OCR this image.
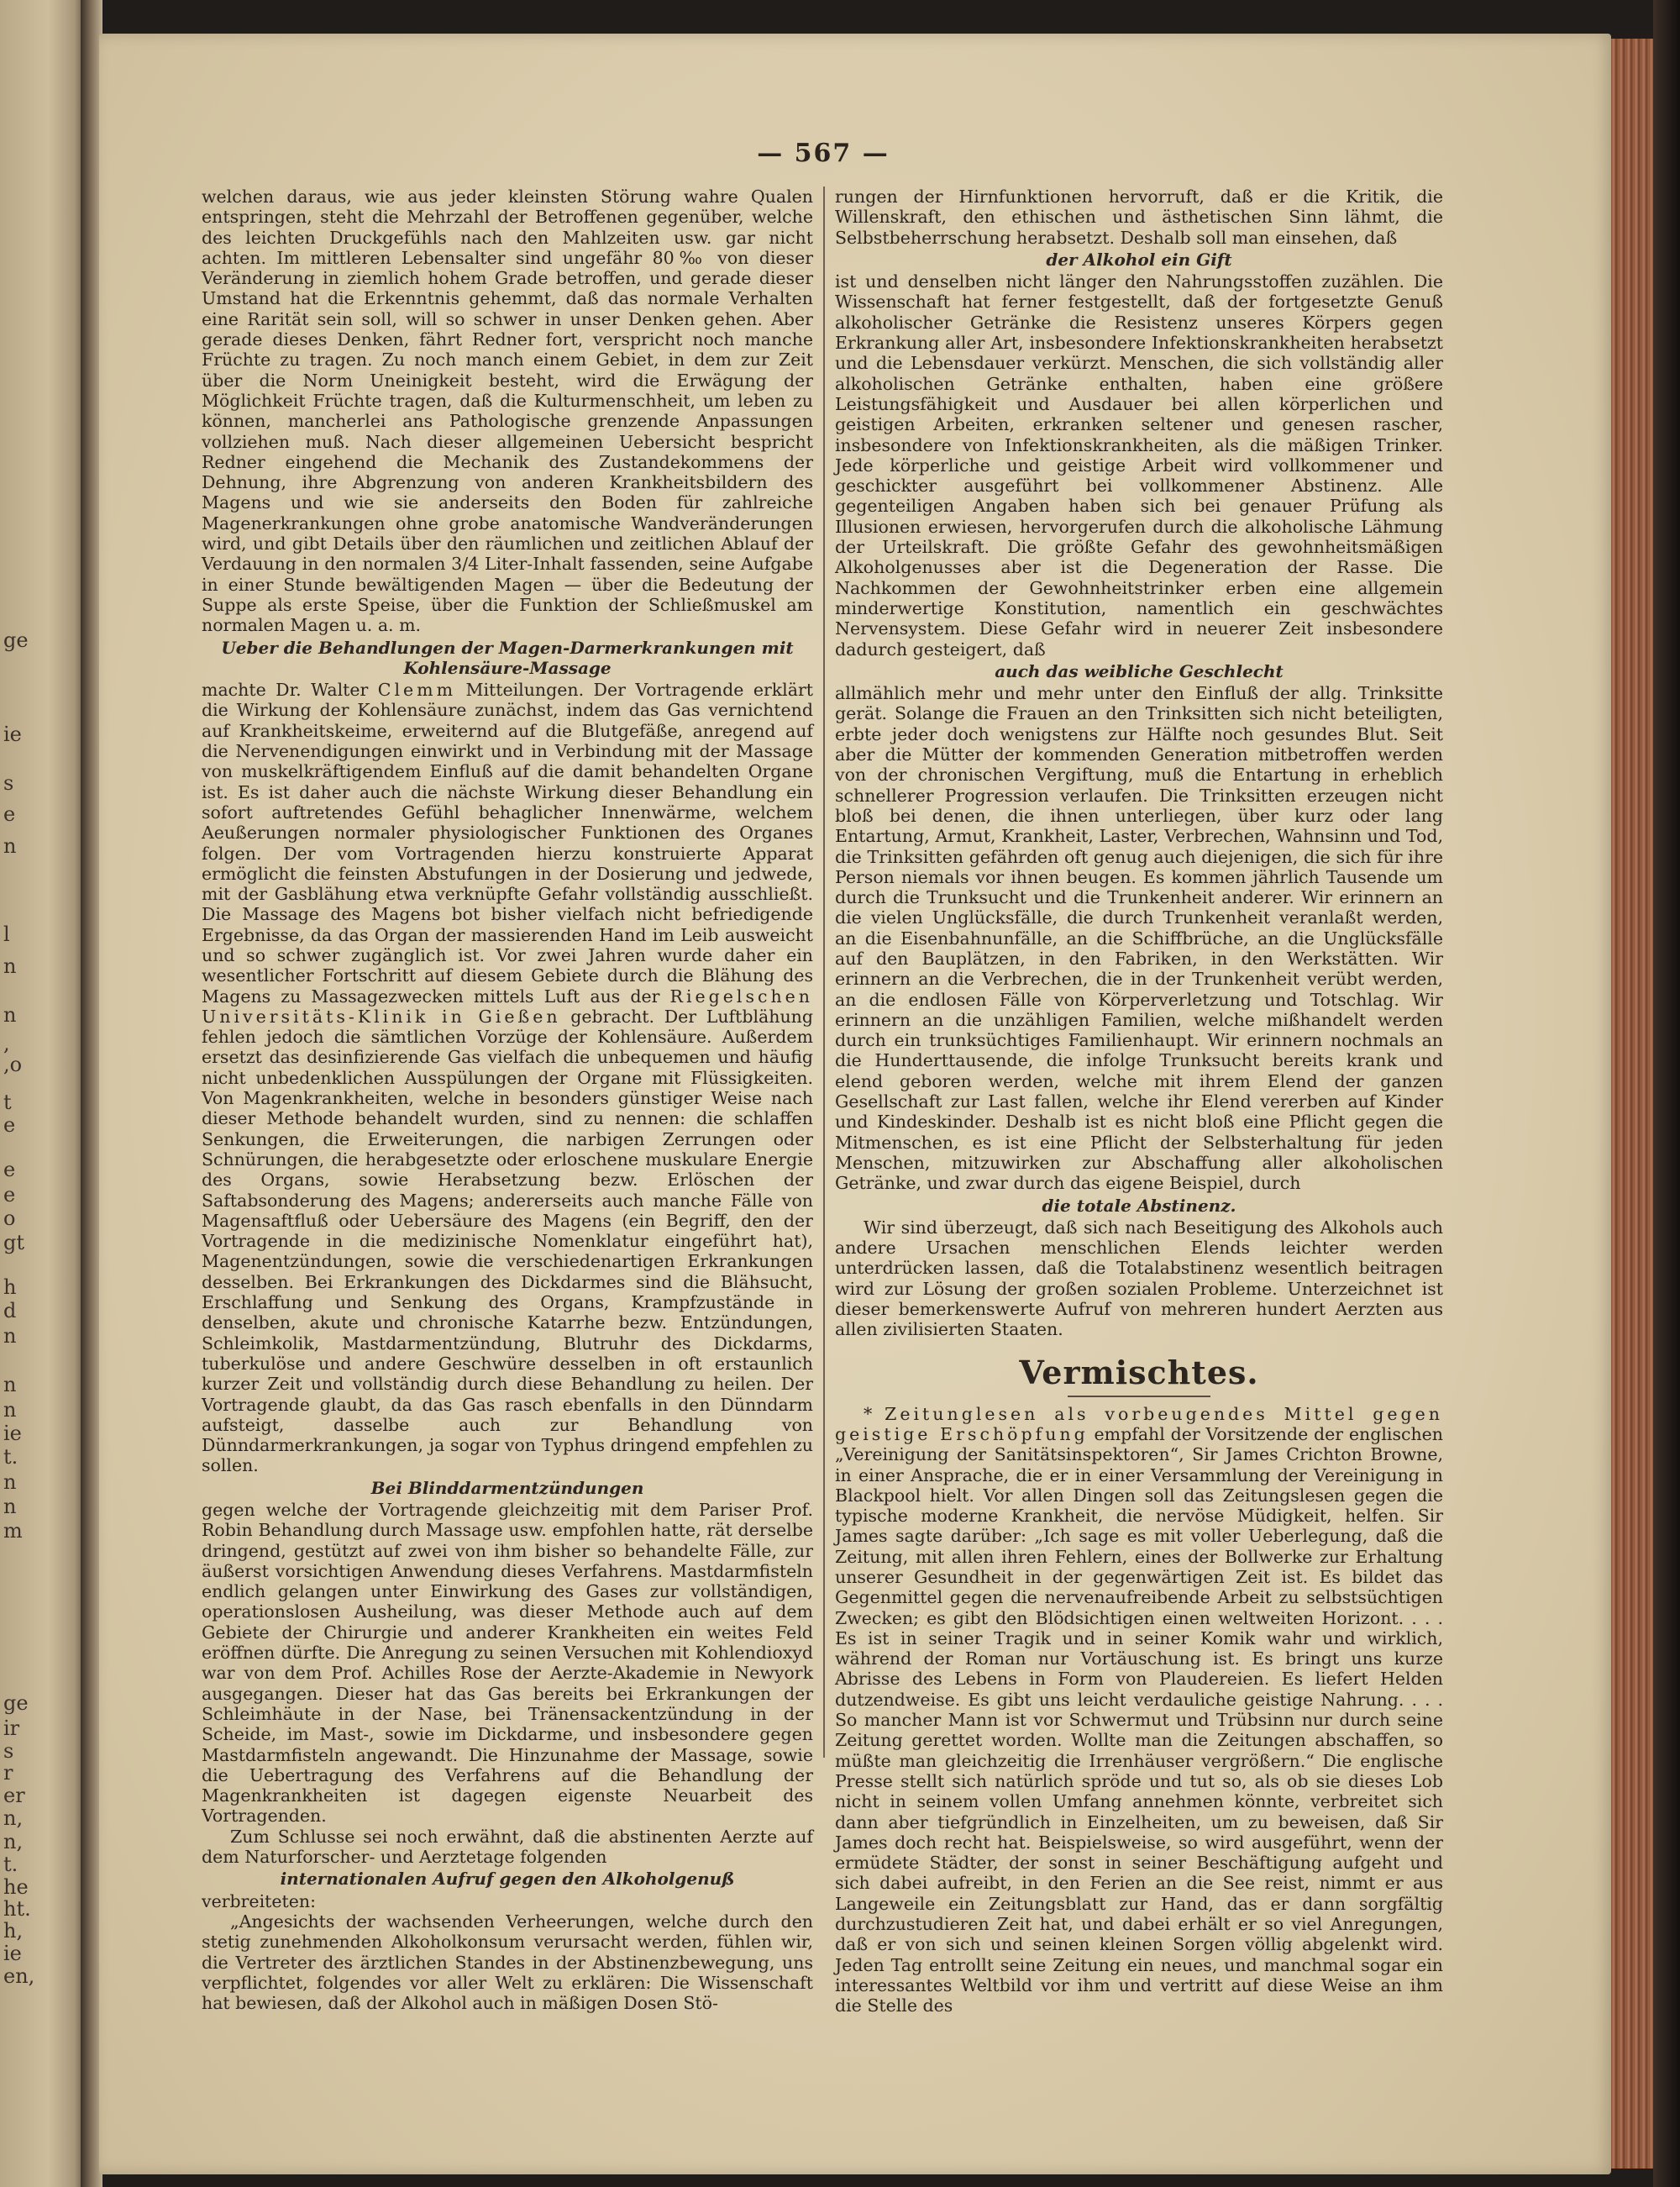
ge
ie
s
e
n
l
n
n
,
,o
t
e
e
e
o
gt
h
d
n
n
n
ie
t.
n
n
m
ge
ir
s
r
er
n,
n,
t.
he
ht.
h,
ie
en,
— 567 —

welchen daraus, wie aus jeder kleinsten Störung wahre Qualen entspringen, steht die Mehrzahl der Betroffenen gegenüber, welche des leichten Druckgefühls nach den Mahlzeiten usw. gar nicht achten. Im mittleren Lebensalter sind ungefähr 80‰ von dieser Veränderung in ziemlich hohem Grade betroffen, und gerade dieser Umstand hat die Erkenntnis gehemmt, daß das normale Verhalten eine Rarität sein soll, will so schwer in unser Denken gehen. Aber gerade dieses Denken, fährt Redner fort, verspricht noch manche Früchte zu tragen. Zu noch manch einem Gebiet, in dem zur Zeit über die Norm Uneinigkeit besteht, wird die Erwägung der Möglichkeit Früchte tragen, daß die Kulturmenschheit, um leben zu können, mancherlei ans Pathologische grenzende Anpassungen vollziehen muß. Nach dieser allgemeinen Uebersicht bespricht Redner eingehend die Mechanik des Zustandekommens der Dehnung, ihre Abgrenzung von anderen Krankheitsbildern des Magens und wie sie anderseits den Boden für zahlreiche Magenerkrankungen ohne grobe anatomische Wandveränderungen wird, und gibt Details über den räumlichen und zeitlichen Ablauf der Verdauung in den normalen 3/4 Liter-Inhalt fassenden, seine Aufgabe in einer Stunde bewältigenden Magen — über die Bedeutung der Suppe als erste Speise, über die Funktion der Schließmuskel am normalen Magen u. a. m.

Ueber die Behandlungen der Magen-Darmerkrankungen mit Kohlensäure-Massage

machte Dr. Walter Clemm Mitteilungen. Der Vortragende erklärt die Wirkung der Kohlensäure zunächst, indem das Gas vernichtend auf Krankheitskeime, erweiternd auf die Blutgefäße, anregend auf die Nervenendigungen einwirkt und in Verbindung mit der Massage von muskelkräftigendem Einfluß auf die damit behandelten Organe ist. Es ist daher auch die nächste Wirkung dieser Behandlung ein sofort auftretendes Gefühl behaglicher Innenwärme, welchem Aeußerungen normaler physiologischer Funktionen des Organes folgen. Der vom Vortragenden hierzu konstruierte Apparat ermöglicht die feinsten Abstufungen in der Dosierung und jedwede, mit der Gasblähung etwa verknüpfte Gefahr vollständig ausschließt. Die Massage des Magens bot bisher vielfach nicht befriedigende Ergebnisse, da das Organ der massierenden Hand im Leib ausweicht und so schwer zugänglich ist. Vor zwei Jahren wurde daher ein wesentlicher Fortschritt auf diesem Gebiete durch die Blähung des Magens zu Massagezwecken mittels Luft aus der Riegelschen Universitäts-Klinik in Gießen gebracht. Der Luftblähung fehlen jedoch die sämtlichen Vorzüge der Kohlensäure. Außerdem ersetzt das desinfizierende Gas vielfach die unbequemen und häufig nicht unbedenklichen Ausspülungen der Organe mit Flüssigkeiten. Von Magenkrankheiten, welche in besonders günstiger Weise nach dieser Methode behandelt wurden, sind zu nennen: die schlaffen Senkungen, die Erweiterungen, die narbigen Zerrungen oder Schnürungen, die herabgesetzte oder erloschene muskulare Energie des Organs, sowie Herabsetzung bezw. Erlöschen der Saftabsonderung des Magens; andererseits auch manche Fälle von Magensaftfluß oder Uebersäure des Magens (ein Begriff, den der Vortragende in die medizinische Nomenklatur eingeführt hat), Magenentzündungen, sowie die verschiedenartigen Erkrankungen desselben. Bei Erkrankungen des Dickdarmes sind die Blähsucht, Erschlaffung und Senkung des Organs, Krampfzustände in denselben, akute und chronische Katarrhe bezw. Entzündungen, Schleimkolik, Mastdarmentzündung, Blutruhr des Dickdarms, tuberkulöse und andere Geschwüre desselben in oft erstaunlich kurzer Zeit und vollständig durch diese Behandlung zu heilen. Der Vortragende glaubt, da das Gas rasch ebenfalls in den Dünndarm aufsteigt, dasselbe auch zur Behandlung von Dünndarmerkrankungen, ja sogar von Typhus dringend empfehlen zu sollen.

Bei Blinddarmentzündungen

gegen welche der Vortragende gleichzeitig mit dem Pariser Prof. Robin Behandlung durch Massage usw. empfohlen hatte, rät derselbe dringend, gestützt auf zwei von ihm bisher so behandelte Fälle, zur äußerst vorsichtigen Anwendung dieses Verfahrens. Mastdarmfisteln endlich gelangen unter Einwirkung des Gases zur vollständigen, operationslosen Ausheilung, was dieser Methode auch auf dem Gebiete der Chirurgie und anderer Krankheiten ein weites Feld eröffnen dürfte. Die Anregung zu seinen Versuchen mit Kohlendioxyd war von dem Prof. Achilles Rose der Aerzte-Akademie in Newyork ausgegangen. Dieser hat das Gas bereits bei Erkrankungen der Schleimhäute in der Nase, bei Tränensackentzündung in der Scheide, im Mast-, sowie im Dickdarme, und insbesondere gegen Mastdarmfisteln angewandt. Die Hinzunahme der Massage, sowie die Uebertragung des Verfahrens auf die Behandlung der Magenkrankheiten ist dagegen eigenste Neuarbeit des Vortragenden.

Zum Schlusse sei noch erwähnt, daß die abstinenten Aerzte auf dem Naturforscher- und Aerztetage folgenden

internationalen Aufruf gegen den Alkoholgenuß

verbreiteten:

„Angesichts der wachsenden Verheerungen, welche durch den stetig zunehmenden Alkoholkonsum verursacht werden, fühlen wir, die Vertreter des ärztlichen Standes in der Abstinenzbewegung, uns verpflichtet, folgendes vor aller Welt zu erklären: Die Wissenschaft hat bewiesen, daß der Alkohol auch in mäßigen Dosen Stö-

rungen der Hirnfunktionen hervorruft, daß er die Kritik, die Willenskraft, den ethischen und ästhetischen Sinn lähmt, die Selbstbeherrschung herabsetzt. Deshalb soll man einsehen, daß

der Alkohol ein Gift

ist und denselben nicht länger den Nahrungsstoffen zuzählen. Die Wissenschaft hat ferner festgestellt, daß der fortgesetzte Genuß alkoholischer Getränke die Resistenz unseres Körpers gegen Erkrankung aller Art, insbesondere Infektionskrankheiten herabsetzt und die Lebensdauer verkürzt. Menschen, die sich vollständig aller alkoholischen Getränke enthalten, haben eine größere Leistungsfähigkeit und Ausdauer bei allen körperlichen und geistigen Arbeiten, erkranken seltener und genesen rascher, insbesondere von Infektionskrankheiten, als die mäßigen Trinker. Jede körperliche und geistige Arbeit wird vollkommener und geschickter ausgeführt bei vollkommener Abstinenz. Alle gegenteiligen Angaben haben sich bei genauer Prüfung als Illusionen erwiesen, hervorgerufen durch die alkoholische Lähmung der Urteilskraft. Die größte Gefahr des gewohnheitsmäßigen Alkoholgenusses aber ist die Degeneration der Rasse. Die Nachkommen der Gewohnheitstrinker erben eine allgemein minderwertige Konstitution, namentlich ein geschwächtes Nervensystem. Diese Gefahr wird in neuerer Zeit insbesondere dadurch gesteigert, daß

auch das weibliche Geschlecht

allmählich mehr und mehr unter den Einfluß der allg. Trinksitte gerät. Solange die Frauen an den Trinksitten sich nicht beteiligten, erbte jeder doch wenigstens zur Hälfte noch gesundes Blut. Seit aber die Mütter der kommenden Generation mitbetroffen werden von der chronischen Vergiftung, muß die Entartung in erheblich schnellerer Progression verlaufen. Die Trinksitten erzeugen nicht bloß bei denen, die ihnen unterliegen, über kurz oder lang Entartung, Armut, Krankheit, Laster, Verbrechen, Wahnsinn und Tod, die Trinksitten gefährden oft genug auch diejenigen, die sich für ihre Person niemals vor ihnen beugen. Es kommen jährlich Tausende um durch die Trunksucht und die Trunkenheit anderer. Wir erinnern an die vielen Unglücksfälle, die durch Trunkenheit veranlaßt werden, an die Eisenbahnunfälle, an die Schiffbrüche, an die Unglücksfälle auf den Bauplätzen, in den Fabriken, in den Werkstätten. Wir erinnern an die Verbrechen, die in der Trunkenheit verübt werden, an die endlosen Fälle von Körperverletzung und Totschlag. Wir erinnern an die unzähligen Familien, welche mißhandelt werden durch ein trunksüchtiges Familienhaupt. Wir erinnern nochmals an die Hunderttausende, die infolge Trunksucht bereits krank und elend geboren werden, welche mit ihrem Elend der ganzen Gesellschaft zur Last fallen, welche ihr Elend vererben auf Kinder und Kindeskinder. Deshalb ist es nicht bloß eine Pflicht gegen die Mitmenschen, es ist eine Pflicht der Selbsterhaltung für jeden Menschen, mitzuwirken zur Abschaffung aller alkoholischen Getränke, und zwar durch das eigene Beispiel, durch

die totale Abstinenz.

Wir sind überzeugt, daß sich nach Beseitigung des Alkohols auch andere Ursachen menschlichen Elends leichter werden unterdrücken lassen, daß die Totalabstinenz wesentlich beitragen wird zur Lösung der großen sozialen Probleme. Unterzeichnet ist dieser bemerkenswerte Aufruf von mehreren hundert Aerzten aus allen zivilisierten Staaten.

Vermischtes.

* Zeitunglesen als vorbeugendes Mittel gegen geistige Erschöpfung empfahl der Vorsitzende der englischen „Vereinigung der Sanitätsinspektoren“, Sir James Crichton Browne, in einer Ansprache, die er in einer Versammlung der Vereinigung in Blackpool hielt. Vor allen Dingen soll das Zeitungslesen gegen die typische moderne Krankheit, die nervöse Müdigkeit, helfen. Sir James sagte darüber: „Ich sage es mit voller Ueberlegung, daß die Zeitung, mit allen ihren Fehlern, eines der Bollwerke zur Erhaltung unserer Gesundheit in der gegenwärtigen Zeit ist. Es bildet das Gegenmittel gegen die nervenaufreibende Arbeit zu selbstsüchtigen Zwecken; es gibt den Blödsichtigen einen weltweiten Horizont. . . . Es ist in seiner Tragik und in seiner Komik wahr und wirklich, während der Roman nur Vortäuschung ist. Es bringt uns kurze Abrisse des Lebens in Form von Plaudereien. Es liefert Helden dutzendweise. Es gibt uns leicht verdauliche geistige Nahrung. . . . So mancher Mann ist vor Schwermut und Trübsinn nur durch seine Zeitung gerettet worden. Wollte man die Zeitungen abschaffen, so müßte man gleichzeitig die Irrenhäuser vergrößern.“ Die englische Presse stellt sich natürlich spröde und tut so, als ob sie dieses Lob nicht in seinem vollen Umfang annehmen könnte, verbreitet sich dann aber tiefgründlich in Einzelheiten, um zu beweisen, daß Sir James doch recht hat. Beispielsweise, so wird ausgeführt, wenn der ermüdete Städter, der sonst in seiner Beschäftigung aufgeht und sich dabei aufreibt, in den Ferien an die See reist, nimmt er aus Langeweile ein Zeitungsblatt zur Hand, das er dann sorgfältig durchzustudieren Zeit hat, und dabei erhält er so viel Anregungen, daß er von sich und seinen kleinen Sorgen völlig abgelenkt wird. Jeden Tag entrollt seine Zeitung ein neues, und manchmal sogar ein interessantes Weltbild vor ihm und vertritt auf diese Weise an ihm die Stelle des
